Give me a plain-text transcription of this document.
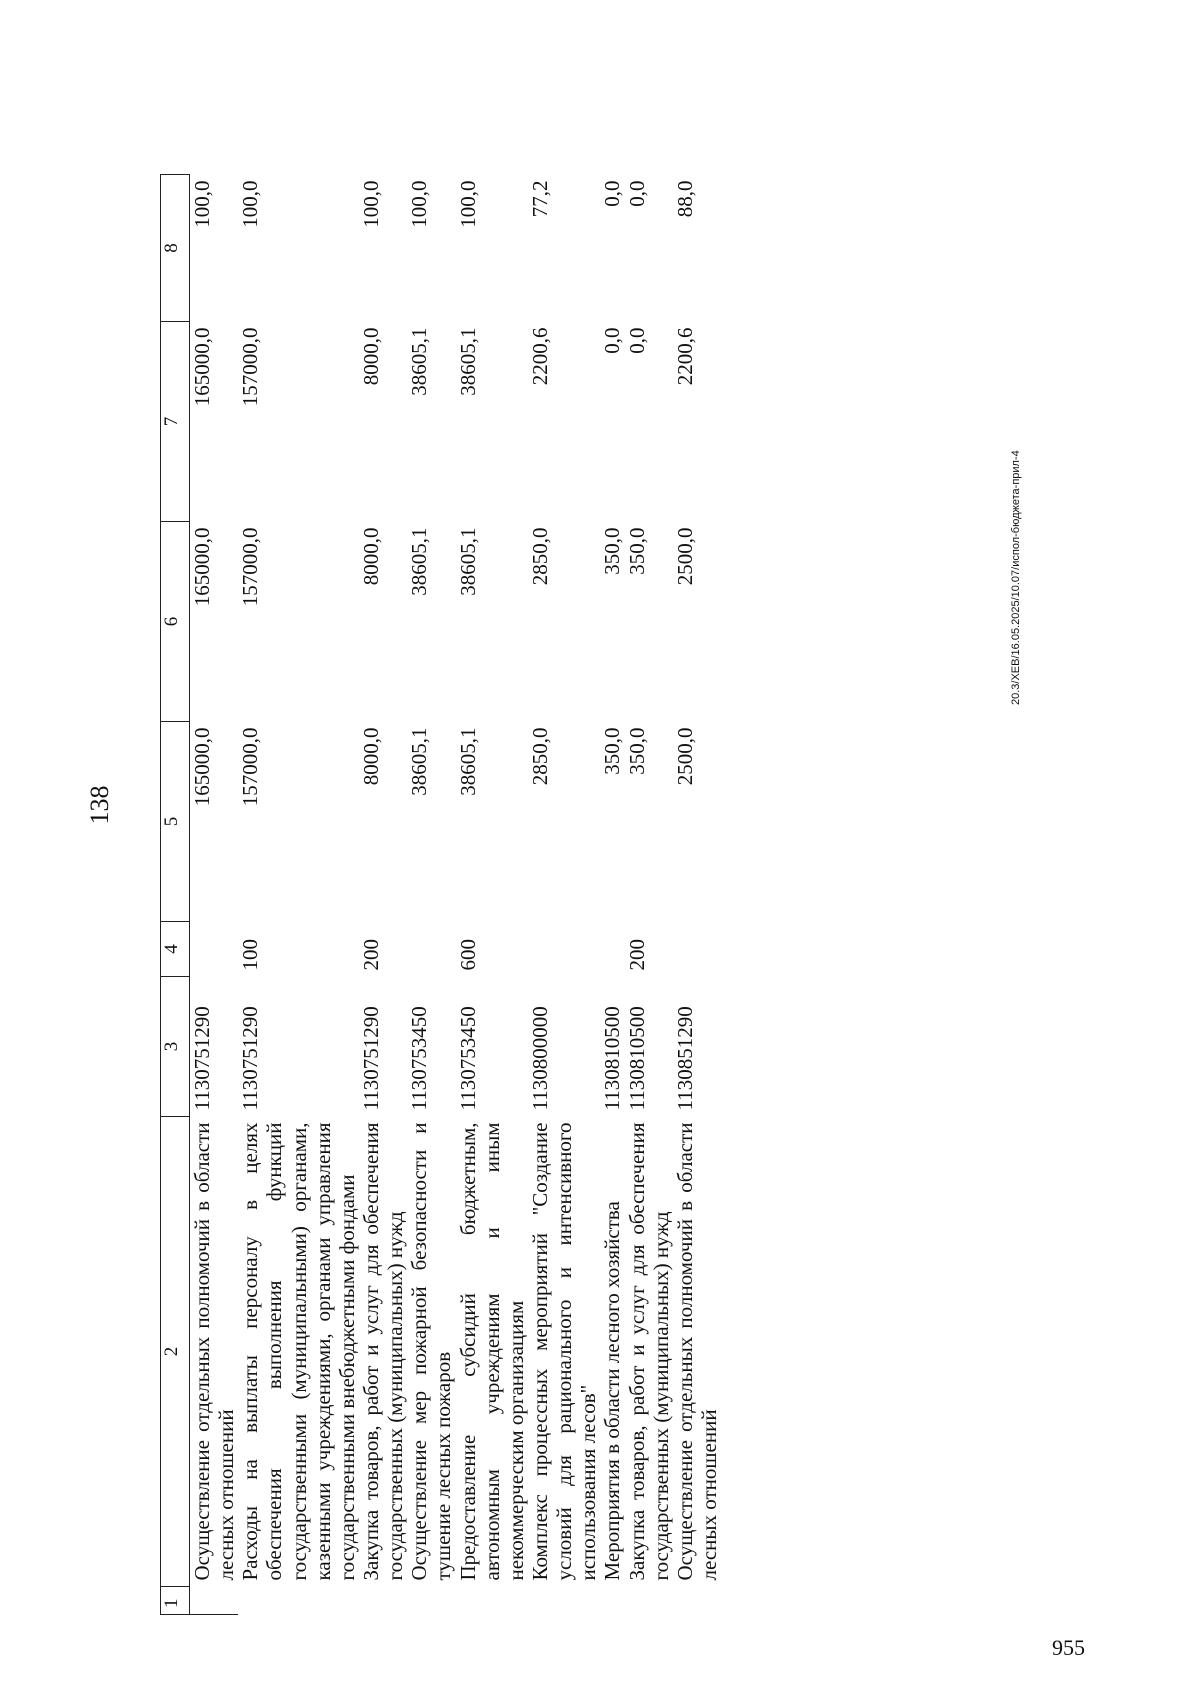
138
1	2	3	4	5	6	7	8
	Осуществление отдельных полномочий в области лесных отношений	1130751290		165000,0	165000,0	165000,0	100,0
	Расходы на выплаты персоналу в целях обеспечения выполнения функций государственными (муниципальными) органами, казенными учреждениями, органами управления государственными внебюджетными фондами	1130751290	100	157000,0	157000,0	157000,0	100,0
	Закупка товаров, работ и услуг для обеспечения государственных (муниципальных) нужд	1130751290	200	8000,0	8000,0	8000,0	100,0
	Осуществление мер пожарной безопасности и тушение лесных пожаров	1130753450		38605,1	38605,1	38605,1	100,0
	Предоставление субсидий бюджетным, автономным учреждениям и иным некоммерческим организациям	1130753450	600	38605,1	38605,1	38605,1	100,0
	Комплекс процессных мероприятий "Создание условий для рационального и интенсивного использования лесов"	1130800000		2850,0	2850,0	2200,6	77,2
	Мероприятия в области лесного хозяйства	1130810500		350,0	350,0	0,0	0,0
	Закупка товаров, работ и услуг для обеспечения государственных (муниципальных) нужд	1130810500	200	350,0	350,0	0,0	0,0
	Осуществление отдельных полномочий в области лесных отношений	1130851290		2500,0	2500,0	2200,6	88,0
20.3/ХЕВ/16.05.2025/10.07/испол-бюджета-прил-4
955
